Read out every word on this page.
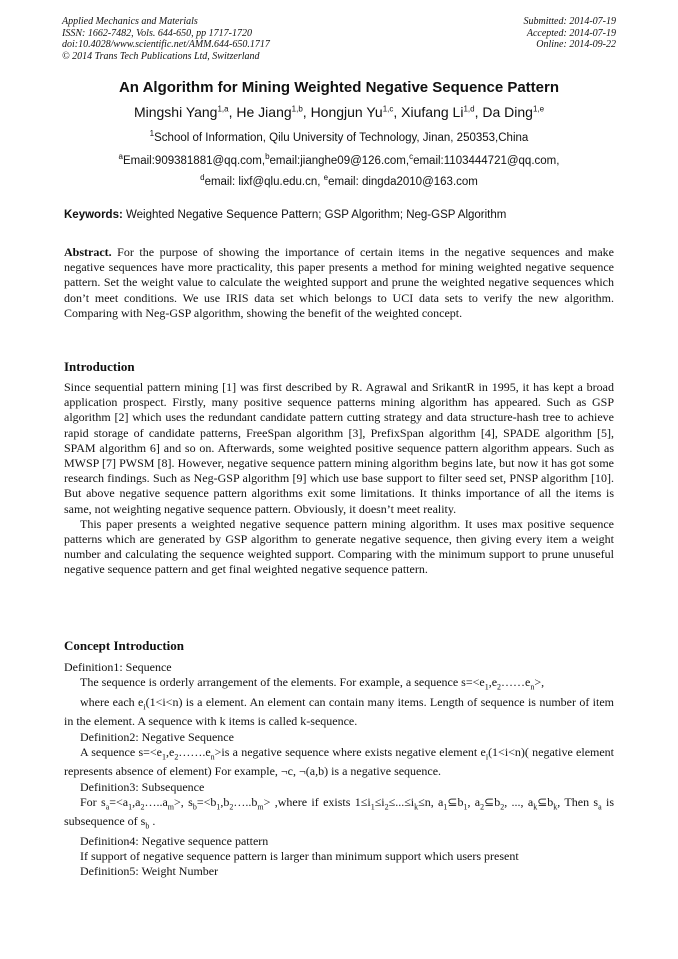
Applied Mechanics and Materials
ISSN: 1662-7482, Vols. 644-650, pp 1717-1720
doi:10.4028/www.scientific.net/AMM.644-650.1717
© 2014 Trans Tech Publications Ltd, Switzerland
Submitted: 2014-07-19
Accepted: 2014-07-19
Online: 2014-09-22
An Algorithm for Mining Weighted Negative Sequence Pattern
Mingshi Yang$^{1,a}$, He Jiang$^{1,b}$, Hongjun Yu$^{1,c}$, Xiufang Li$^{1,d}$, Da Ding$^{1,e}$
$^1$School of Information, Qilu University of Technology, Jinan, 250353,China
$^a$Email:909381881@qq.com,$^b$email:jianghe09@126.com,$^c$email:1103444721@qq.com,
$^d$email: lixf@qlu.edu.cn, $^e$email: dingda2010@163.com
Keywords: Weighted Negative Sequence Pattern; GSP Algorithm; Neg-GSP Algorithm

Abstract. For the purpose of showing the importance of certain items in the negative sequences and make negative sequences have more practicality, this paper presents a method for mining weighted negative sequence pattern. Set the weight value to calculate the weighted support and prune the weighted negative sequences which don’t meet conditions. We use IRIS data set which belongs to UCI data sets to verify the new algorithm. Comparing with Neg-GSP algorithm, showing the benefit of the weighted concept.

Introduction

Since sequential pattern mining [1] was first described by R. Agrawal and SrikantR in 1995, it has kept a broad application prospect. Firstly, many positive sequence patterns mining algorithm has appeared. Such as GSP algorithm [2] which uses the redundant candidate pattern cutting strategy and data structure-hash tree to achieve rapid storage of candidate patterns, FreeSpan algorithm [3], PrefixSpan algorithm [4], SPADE algorithm [5], SPAM algorithm 6] and so on. Afterwards, some weighted positive sequence pattern algorithm appears. Such as MWSP [7] PWSM [8]. However, negative sequence pattern mining algorithm begins late, but now it has got some research findings. Such as Neg-GSP algorithm [9] which use base support to filter seed set, PNSP algorithm [10]. But above negative sequence pattern algorithms exit some limitations. It thinks importance of all the items is same, not weighting negative sequence pattern. Obviously, it doesn’t meet reality.

This paper presents a weighted negative sequence pattern mining algorithm. It uses max positive sequence patterns which are generated by GSP algorithm to generate negative sequence, then giving every item a weight number and calculating the sequence weighted support. Comparing with the minimum support to prune unuseful negative sequence pattern and get final weighted negative sequence pattern.

Concept Introduction

Definition1: Sequence

The sequence is orderly arrangement of the elements. For example, a sequence $s=<e_1,e_2\dots\dots e_n>$,

where each $e_i(1<i<n)$ is a element. An element can contain many items. Length of sequence is number of item in the element. A sequence with k items is called k-sequence.

Definition2: Negative Sequence

A sequence $s=<e_1,e_2\dots\dots.e_n>is$ a negative sequence where exists negative element $e_i(1<i<n)$( negative element represents absence of element) For example, ¬c, ¬(a,b) is a negative sequence.

Definition3: Subsequence

For $s_a=<a_1,a_2\dots..a_m>$, $s_b=<b_1,b_2\dots..b_m>$ ,where if exists $1\le i_1\le i_2\le...\le i_k\le n$, $a_1⊆b_1$, $a_2⊆b_2$, ..., $a_k⊆b_k$, Then $s_a$ is subsequence of $s_b$ .

Definition4: Negative sequence pattern

If support of negative sequence pattern is larger than minimum support which users present

Definition5: Weight Number
